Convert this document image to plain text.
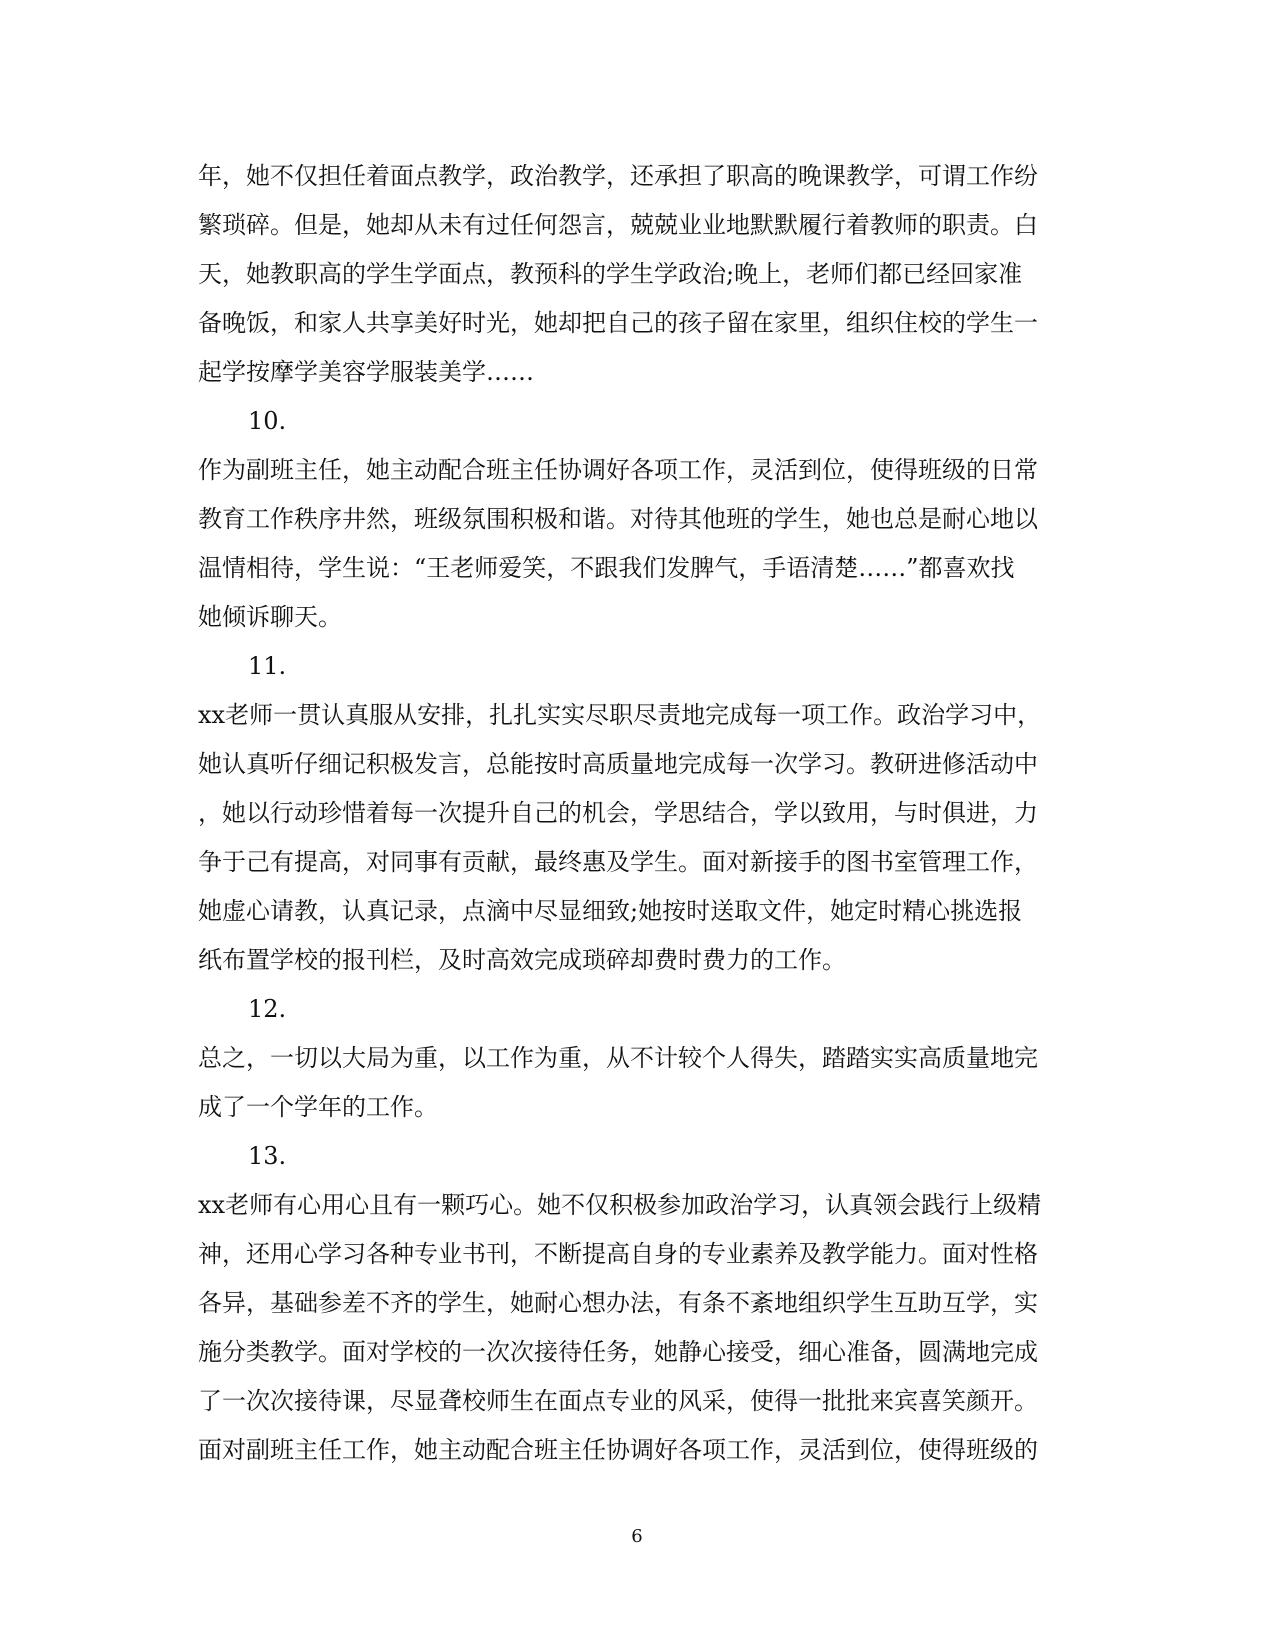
年，她不仅担任着面点教学，政治教学，还承担了职高的晚课教学，可谓工作纷
繁琐碎。但是，她却从未有过任何怨言，兢兢业业地默默履行着教师的职责。白
天，她教职高的学生学面点，教预科的学生学政治;晚上，老师们都已经回家准
备晚饭，和家人共享美好时光，她却把自己的孩子留在家里，组织住校的学生一
起学按摩学美容学服装美学……
10.
作为副班主任，她主动配合班主任协调好各项工作，灵活到位，使得班级的日常
教育工作秩序井然，班级氛围积极和谐。对待其他班的学生，她也总是耐心地以
温情相待，学生说：“王老师爱笑，不跟我们发脾气，手语清楚……”都喜欢找
她倾诉聊天。
11.
xx老师一贯认真服从安排，扎扎实实尽职尽责地完成每一项工作。政治学习中，
她认真听仔细记积极发言，总能按时高质量地完成每一次学习。教研进修活动中
，她以行动珍惜着每一次提升自己的机会，学思结合，学以致用，与时俱进，力
争于己有提高，对同事有贡献，最终惠及学生。面对新接手的图书室管理工作，
她虚心请教，认真记录，点滴中尽显细致;她按时送取文件，她定时精心挑选报
纸布置学校的报刊栏，及时高效完成琐碎却费时费力的工作。
12.
总之，一切以大局为重，以工作为重，从不计较个人得失，踏踏实实高质量地完
成了一个学年的工作。
13.
xx老师有心用心且有一颗巧心。她不仅积极参加政治学习，认真领会践行上级精
神，还用心学习各种专业书刊，不断提高自身的专业素养及教学能力。面对性格
各异，基础参差不齐的学生，她耐心想办法，有条不紊地组织学生互助互学，实
施分类教学。面对学校的一次次接待任务，她静心接受，细心准备，圆满地完成
了一次次接待课，尽显聋校师生在面点专业的风采，使得一批批来宾喜笑颜开。
面对副班主任工作，她主动配合班主任协调好各项工作，灵活到位，使得班级的
6
